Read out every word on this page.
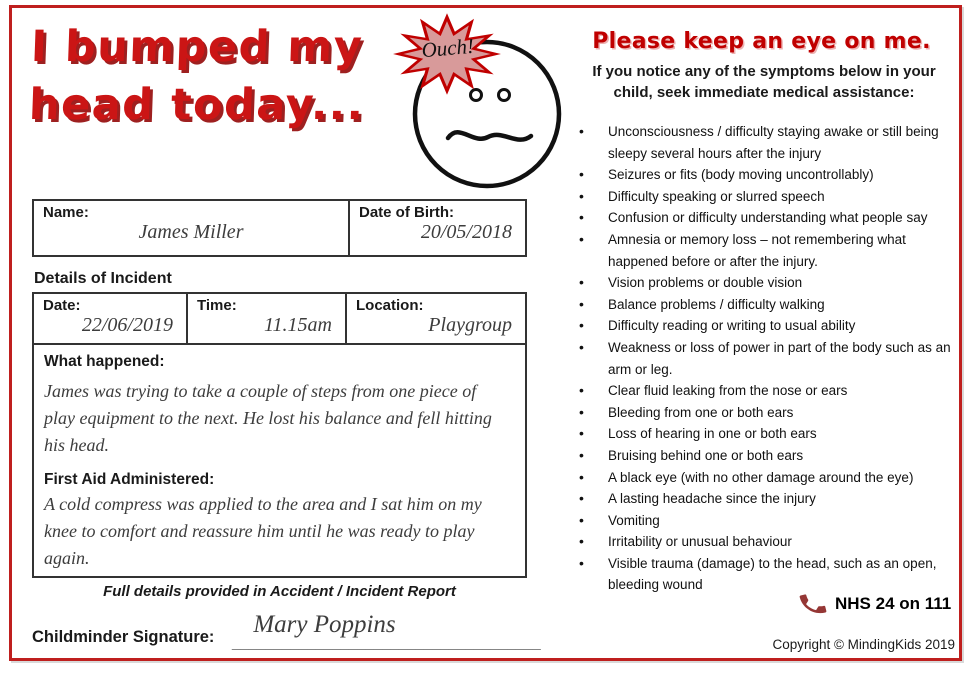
I bumped my
head today...
Ouch!
Name:
James Miller
Date of Birth:
20/05/2018
Details of Incident
Date:
22/06/2019
Time:
11.15am
Location:
Playgroup
What happened:

James was trying to take a couple of steps from one piece of play equipment to the next. He lost his balance and fell hitting his head.

First Aid Administered:

A cold compress was applied to the area and I sat him on my knee to comfort and reassure him until he was ready to play again.

Full details provided in Accident / Incident Report
Childminder Signature:	Mary Poppins
_____________________________________
Please keep an eye on me.
If you notice any of the symptoms below in your child, seek immediate medical assistance:
• Unconsciousness / difficulty staying awake or still being sleepy several hours after the injury
• Seizures or fits (body moving uncontrollably)
• Difficulty speaking or slurred speech
• Confusion or difficulty understanding what people say
• Amnesia or memory loss – not remembering what happened before or after the injury.
• Vision problems or double vision
• Balance problems / difficulty walking
• Difficulty reading or writing to usual ability
• Weakness or loss of power in part of the body such as an arm or leg.
• Clear fluid leaking from the nose or ears
• Bleeding from one or both ears
• Loss of hearing in one or both ears
• Bruising behind one or both ears
• A black eye (with no other damage around the eye)
• A lasting headache since the injury
• Vomiting
• Irritability or unusual behaviour
• Visible trauma (damage) to the head, such as an open, bleeding wound
NHS 24 on 111
Copyright © MindingKids 2019
